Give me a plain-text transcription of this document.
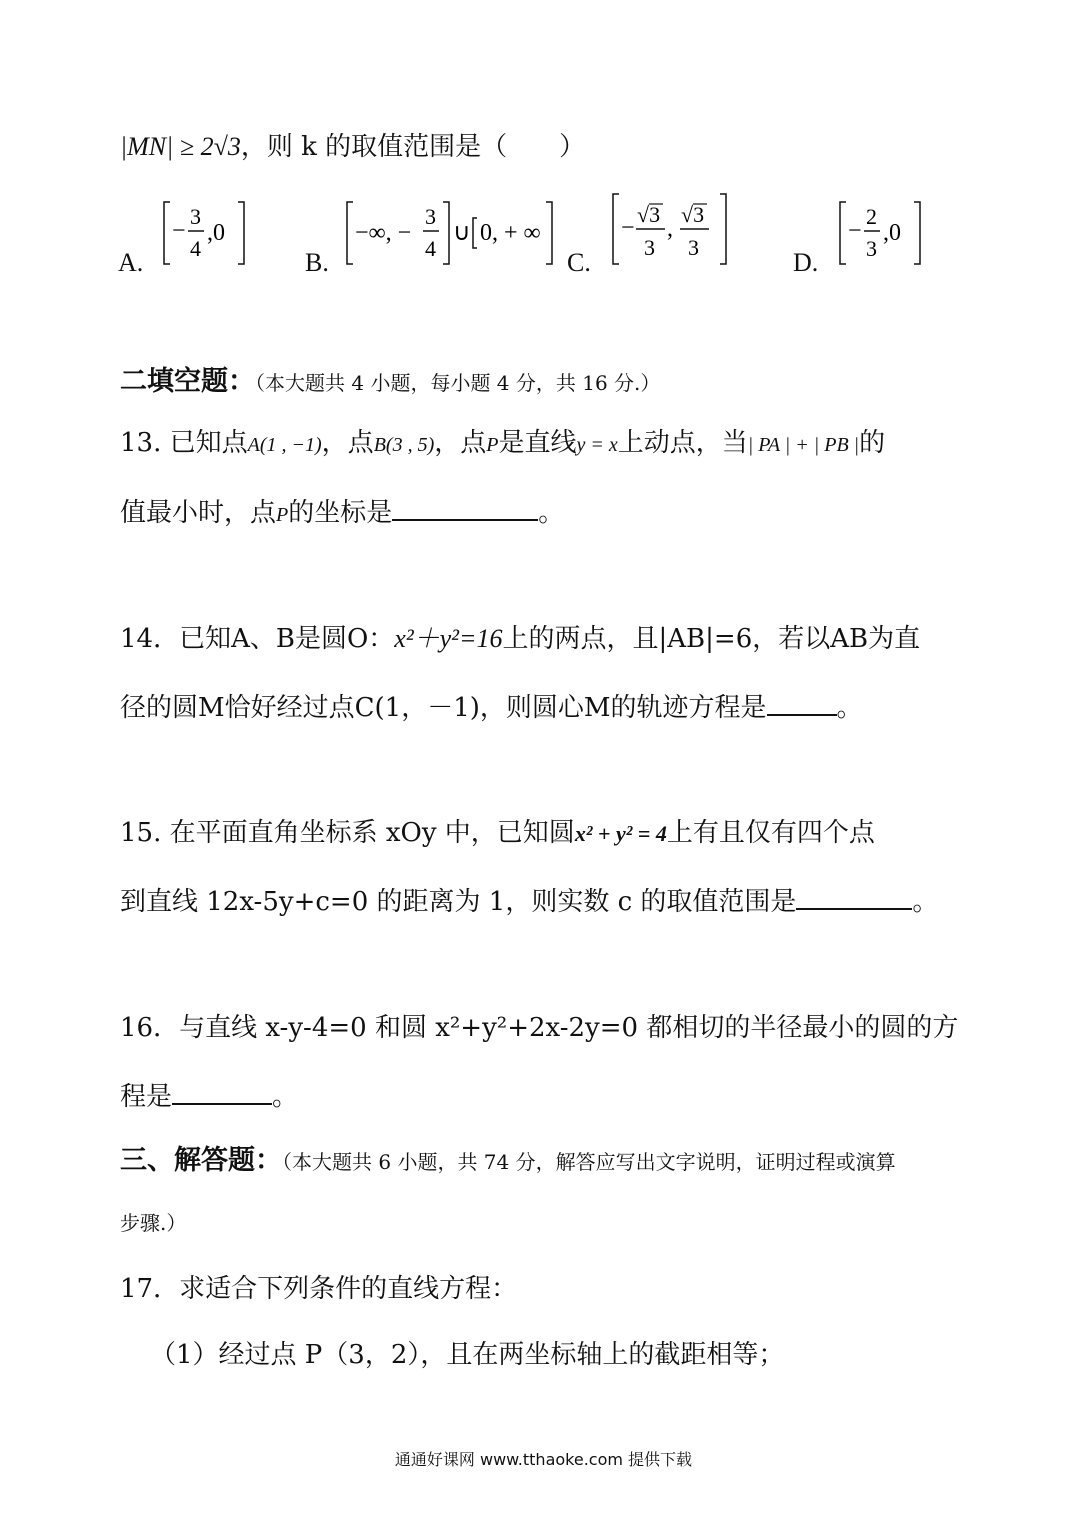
|MN| ≥ 2√3，则 k 的取值范围是（　　）
A.
−
3
4
,0
B.
−∞, −
3
4
∪ 0, + ∞
C.
−
√3
3
,
√3
3
D.
−
2
3
,0
二填空题：（本大题共 4 小题，每小题 4 分，共 16 分.）
13. 已知点A(1 , −1)，点B(3 , 5)，点P是直线y = x上动点，当| PA | + | PB |的
值最小时，点P的坐标是	。
14．已知A、B是圆O：x²＋y²=16上的两点，且|AB|=6，若以AB为直
径的圆M恰好经过点C(1，－1)，则圆心M的轨迹方程是	。
15. 在平面直角坐标系 xOy 中，已知圆x² + y² = 4上有且仅有四个点
到直线 12x-5y+c=0 的距离为 1，则实数 c 的取值范围是	。
16．与直线 x-y-4=0 和圆 x²+y²+2x-2y=0 都相切的半径最小的圆的方
程是	。
三、解答题：（本大题共 6 小题，共 74 分，解答应写出文字说明，证明过程或演算
步骤.）
17．求适合下列条件的直线方程：
（1）经过点 P（3，2），且在两坐标轴上的截距相等；
通通好课网 www.tthaoke.com 提供下载
